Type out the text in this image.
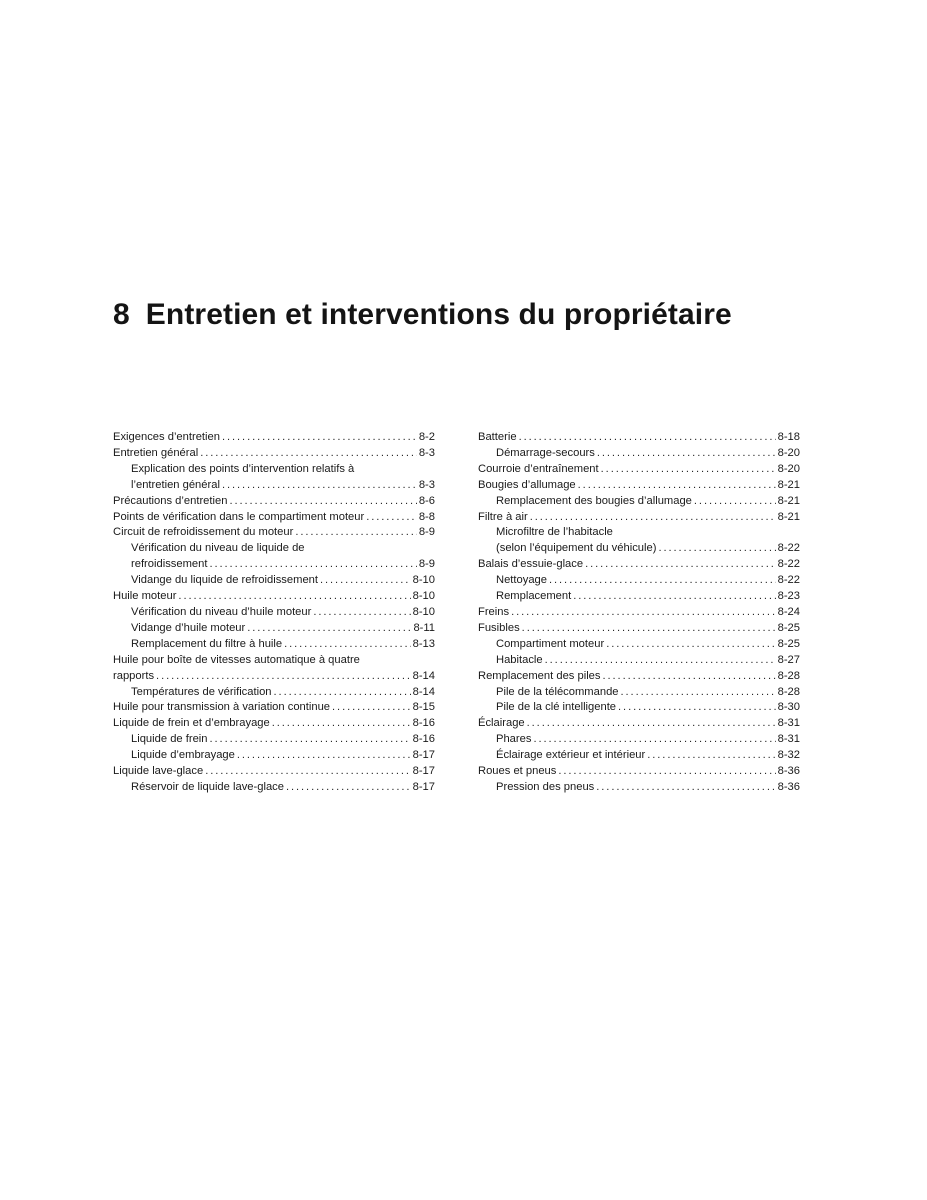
8 Entretien et interventions du propriétaire
Exigences d’entretien . . .	8-2
Entretien général . . .	8-3
Explication des points d’intervention relatifs à
l’entretien général . . .	8-3
Précautions d’entretien . . .	8-6
Points de vérification dans le compartiment moteur . . .	8-8
Circuit de refroidissement du moteur . . .	8-9
Vérification du niveau de liquide de
refroidissement . . .	8-9
Vidange du liquide de refroidissement . . .	8-10
Huile moteur . . .	8-10
Vérification du niveau d’huile moteur . . .	8-10
Vidange d’huile moteur . . .	8-11
Remplacement du filtre à huile . . .	8-13
Huile pour boîte de vitesses automatique à quatre
rapports . . .	8-14
Températures de vérification . . .	8-14
Huile pour transmission à variation continue . . .	8-15
Liquide de frein et d’embrayage . . .	8-16
Liquide de frein . . .	8-16
Liquide d’embrayage . . .	8-17
Liquide lave-glace . . .	8-17
Réservoir de liquide lave-glace . . .	8-17
Batterie . . .	8-18
Démarrage-secours . . .	8-20
Courroie d’entraînement . . .	8-20
Bougies d’allumage . . .	8-21
Remplacement des bougies d’allumage . . .	8-21
Filtre à air . . .	8-21
Microfiltre de l’habitacle
(selon l’équipement du véhicule) . . .	8-22
Balais d’essuie-glace . . .	8-22
Nettoyage . . .	8-22
Remplacement . . .	8-23
Freins . . .	8-24
Fusibles . . .	8-25
Compartiment moteur . . .	8-25
Habitacle . . .	8-27
Remplacement des piles . . .	8-28
Pile de la télécommande . . .	8-28
Pile de la clé intelligente . . .	8-30
Éclairage . . .	8-31
Phares . . .	8-31
Éclairage extérieur et intérieur . . .	8-32
Roues et pneus . . .	8-36
Pression des pneus . . .	8-36
